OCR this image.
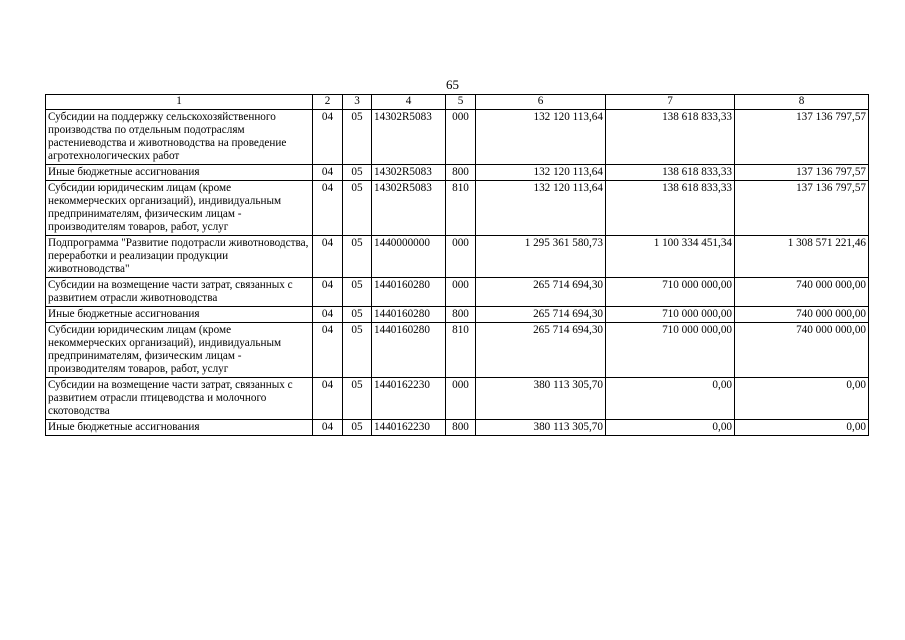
65
1	2	3	4	5	6	7	8
Субсидии на поддержку сельскохозяйственного производства по отдельным подотраслям растениеводства и животноводства на проведение агротехнологических работ	04	05	14302R5083	000	132 120 113,64	138 618 833,33	137 136 797,57
Иные бюджетные ассигнования	04	05	14302R5083	800	132 120 113,64	138 618 833,33	137 136 797,57
Субсидии юридическим лицам (кроме некоммерческих организаций), индивидуальным предпринимателям, физическим лицам - производителям товаров, работ, услуг	04	05	14302R5083	810	132 120 113,64	138 618 833,33	137 136 797,57
Подпрограмма "Развитие подотрасли животноводства, переработки и реализации продукции животноводства"	04	05	1440000000	000	1 295 361 580,73	1 100 334 451,34	1 308 571 221,46
Субсидии на возмещение части затрат, связанных с развитием отрасли животноводства	04	05	1440160280	000	265 714 694,30	710 000 000,00	740 000 000,00
Иные бюджетные ассигнования	04	05	1440160280	800	265 714 694,30	710 000 000,00	740 000 000,00
Субсидии юридическим лицам (кроме некоммерческих организаций), индивидуальным предпринимателям, физическим лицам - производителям товаров, работ, услуг	04	05	1440160280	810	265 714 694,30	710 000 000,00	740 000 000,00
Субсидии на возмещение части затрат, связанных с развитием отрасли птицеводства и молочного скотоводства	04	05	1440162230	000	380 113 305,70	0,00	0,00
Иные бюджетные ассигнования	04	05	1440162230	800	380 113 305,70	0,00	0,00
